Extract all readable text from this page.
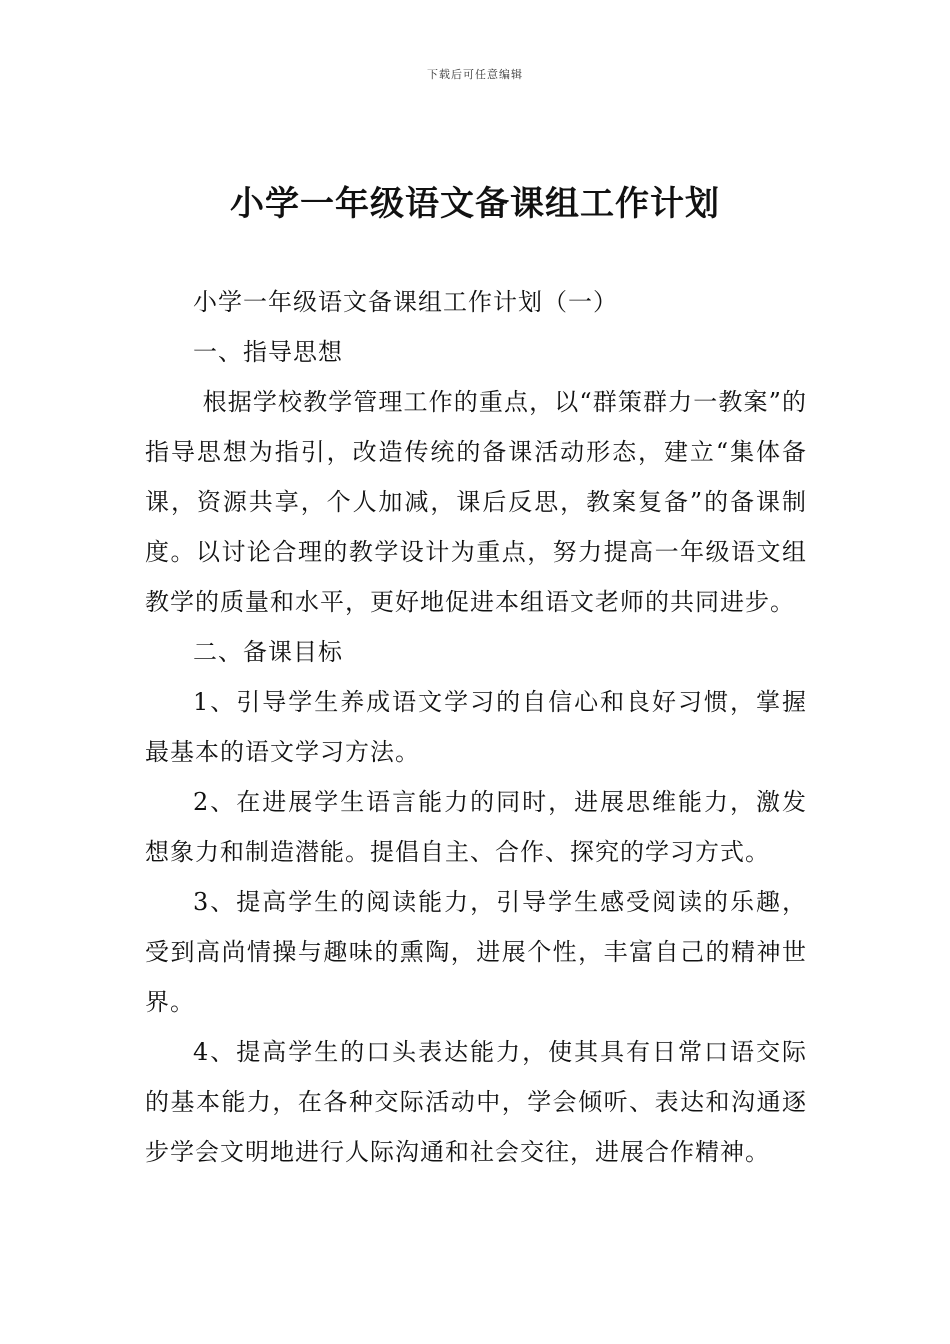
下载后可任意编辑
小学一年级语文备课组工作计划

小学一年级语文备课组工作计划（一）

一、指导思想

根据学校教学管理工作的重点，以“群策群力一教案”的指导思想为指引，改造传统的备课活动形态，建立“集体备课，资源共享，个人加减，课后反思，教案复备”的备课制度。以讨论合理的教学设计为重点，努力提高一年级语文组教学的质量和水平，更好地促进本组语文老师的共同进步。

二、备课目标

1、引导学生养成语文学习的自信心和良好习惯，掌握最基本的语文学习方法。

2、在进展学生语言能力的同时，进展思维能力，激发想象力和制造潜能。提倡自主、合作、探究的学习方式。

3、提高学生的阅读能力，引导学生感受阅读的乐趣，受到高尚情操与趣味的熏陶，进展个性，丰富自己的精神世界。

4、提高学生的口头表达能力，使其具有日常口语交际的基本能力，在各种交际活动中，学会倾听、表达和沟通逐步学会文明地进行人际沟通和社会交往，进展合作精神。
